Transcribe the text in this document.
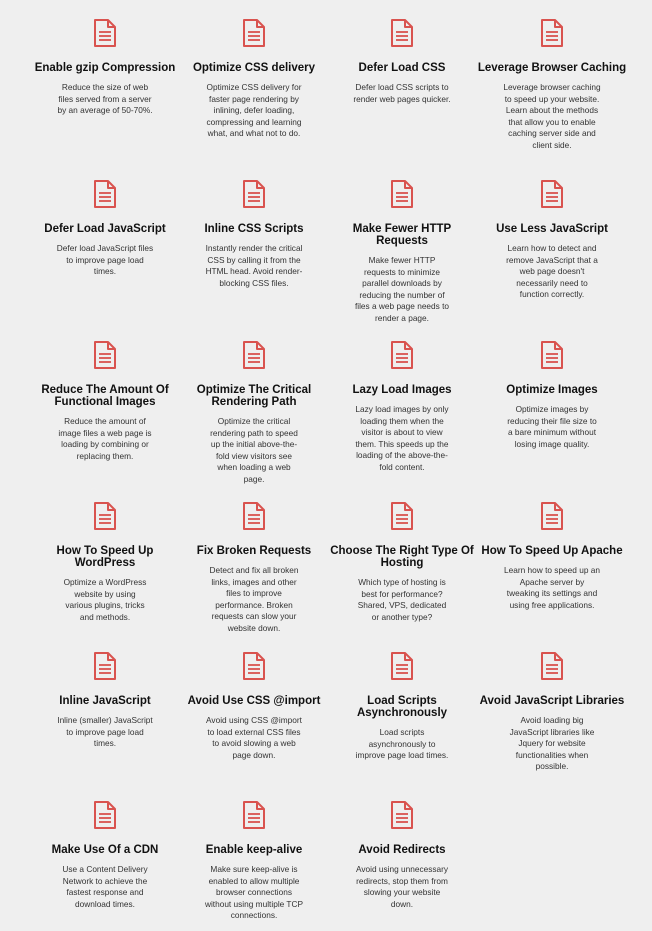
Enable gzip Compression
Reduce the size of web files served from a server by an average of 50-70%.
Optimize CSS delivery
Optimize CSS delivery for faster page rendering by inlining, defer loading, compressing and learning what, and what not to do.
Defer Load CSS
Defer load CSS scripts to render web pages quicker.
Leverage Browser Caching
Leverage browser caching to speed up your website. Learn about the methods that allow you to enable caching server side and client side.
Defer Load JavaScript
Defer load JavaScript files to improve page load times.
Inline CSS Scripts
Instantly render the critical CSS by calling it from the HTML head. Avoid render-blocking CSS files.
Make Fewer HTTP Requests
Make fewer HTTP requests to minimize parallel downloads by reducing the number of files a web page needs to render a page.
Use Less JavaScript
Learn how to detect and remove JavaScript that a web page doesn't necessarily need to function correctly.
Reduce The Amount Of Functional Images
Reduce the amount of image files a web page is loading by combining or replacing them.
Optimize The Critical Rendering Path
Optimize the critical rendering path to speed up the initial above-the-fold view visitors see when loading a web page.
Lazy Load Images
Lazy load images by only loading them when the visitor is about to view them. This speeds up the loading of the above-the-fold content.
Optimize Images
Optimize images by reducing their file size to a bare minimum without losing image quality.
How To Speed Up WordPress
Optimize a WordPress website by using various plugins, tricks and methods.
Fix Broken Requests
Detect and fix all broken links, images and other files to improve performance. Broken requests can slow your website down.
Choose The Right Type Of Hosting
Which type of hosting is best for performance? Shared, VPS, dedicated or another type?
How To Speed Up Apache
Learn how to speed up an Apache server by tweaking its settings and using free applications.
Inline JavaScript
Inline (smaller) JavaScript to improve page load times.
Avoid Use CSS @import
Avoid using CSS @import to load external CSS files to avoid slowing a web page down.
Load Scripts Asynchronously
Load scripts asynchronously to improve page load times.
Avoid JavaScript Libraries
Avoid loading big JavaScript libraries like Jquery for website functionalities when possible.
Make Use Of a CDN
Use a Content Delivery Network to achieve the fastest response and download times.
Enable keep-alive
Make sure keep-alive is enabled to allow multiple browser connections without using multiple TCP connections.
Avoid Redirects
Avoid using unnecessary redirects, stop them from slowing your website down.
